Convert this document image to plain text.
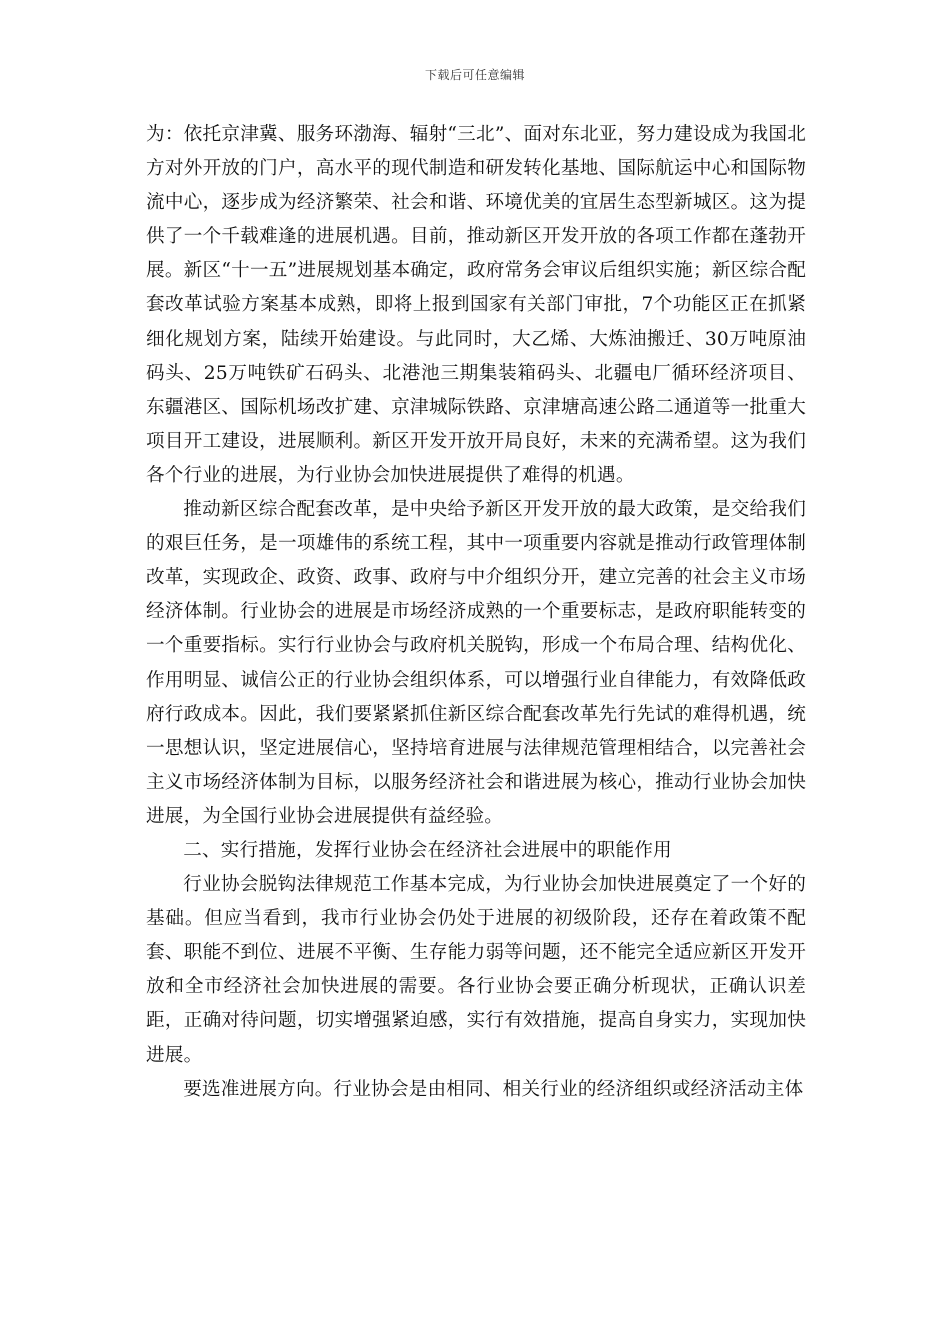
下载后可任意编辑

为：依托京津冀、服务环渤海、辐射“三北”、面对东北亚，努力建设成为我国北方对外开放的门户，高水平的现代制造和研发转化基地、国际航运中心和国际物流中心，逐步成为经济繁荣、社会和谐、环境优美的宜居生态型新城区。这为提供了一个千载难逢的进展机遇。目前，推动新区开发开放的各项工作都在蓬勃开展。新区“十一五”进展规划基本确定，政府常务会审议后组织实施；新区综合配套改革试验方案基本成熟，即将上报到国家有关部门审批，7个功能区正在抓紧细化规划方案，陆续开始建设。与此同时，大乙烯、大炼油搬迁、30万吨原油码头、25万吨铁矿石码头、北港池三期集装箱码头、北疆电厂循环经济项目、东疆港区、国际机场改扩建、京津城际铁路、京津塘高速公路二通道等一批重大项目开工建设，进展顺利。新区开发开放开局良好，未来的充满希望。这为我们各个行业的进展，为行业协会加快进展提供了难得的机遇。

推动新区综合配套改革，是中央给予新区开发开放的最大政策，是交给我们的艰巨任务，是一项雄伟的系统工程，其中一项重要内容就是推动行政管理体制改革，实现政企、政资、政事、政府与中介组织分开，建立完善的社会主义市场经济体制。行业协会的进展是市场经济成熟的一个重要标志，是政府职能转变的一个重要指标。实行行业协会与政府机关脱钩，形成一个布局合理、结构优化、作用明显、诚信公正的行业协会组织体系，可以增强行业自律能力，有效降低政府行政成本。因此，我们要紧紧抓住新区综合配套改革先行先试的难得机遇，统一思想认识，坚定进展信心，坚持培育进展与法律规范管理相结合，以完善社会主义市场经济体制为目标，以服务经济社会和谐进展为核心，推动行业协会加快进展，为全国行业协会进展提供有益经验。

二、实行措施，发挥行业协会在经济社会进展中的职能作用

行业协会脱钩法律规范工作基本完成，为行业协会加快进展奠定了一个好的基础。但应当看到，我市行业协会仍处于进展的初级阶段，还存在着政策不配套、职能不到位、进展不平衡、生存能力弱等问题，还不能完全适应新区开发开放和全市经济社会加快进展的需要。各行业协会要正确分析现状，正确认识差距，正确对待问题，切实增强紧迫感，实行有效措施，提高自身实力，实现加快进展。

要选准进展方向。行业协会是由相同、相关行业的经济组织或经济活动主体
